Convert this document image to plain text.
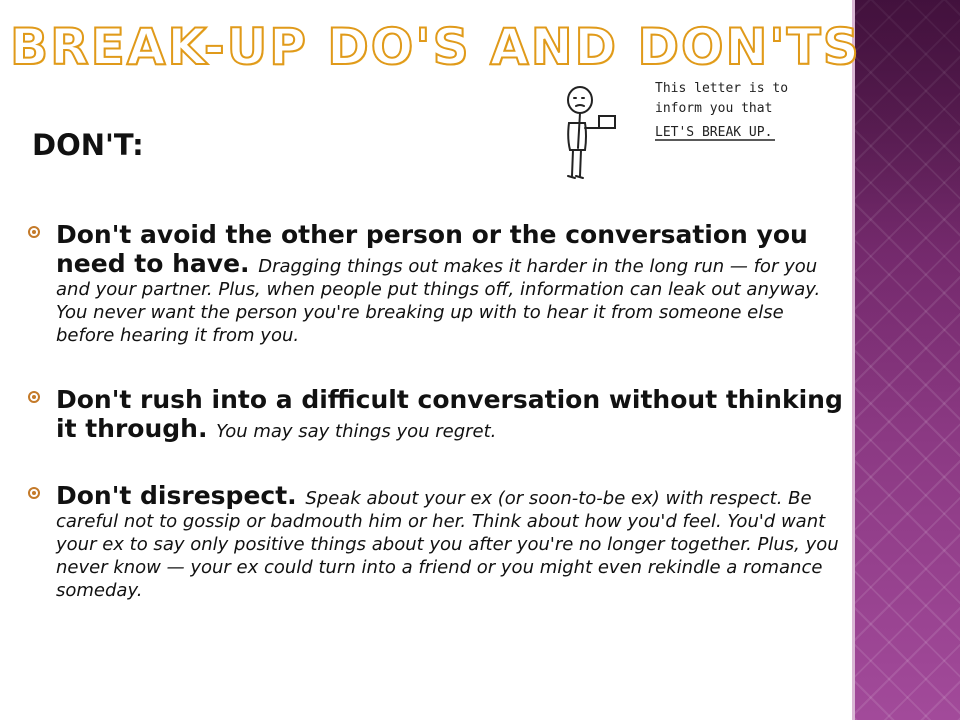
BREAK-UP DO'S AND DON'TS
This letter is to
inform you that
LET'S BREAK UP.
DON'T:
Don't avoid the other person or the conversation you need to have. Dragging things out makes it harder in the long run — for you and your partner. Plus, when people put things off, information can leak out anyway. You never want the person you're breaking up with to hear it from someone else before hearing it from you.
Don't rush into a difficult conversation without thinking it through. You may say things you regret.
Don't disrespect. Speak about your ex (or soon-to-be ex) with respect. Be careful not to gossip or badmouth him or her. Think about how you'd feel. You'd want your ex to say only positive things about you after you're no longer together. Plus, you never know — your ex could turn into a friend or you might even rekindle a romance someday.
